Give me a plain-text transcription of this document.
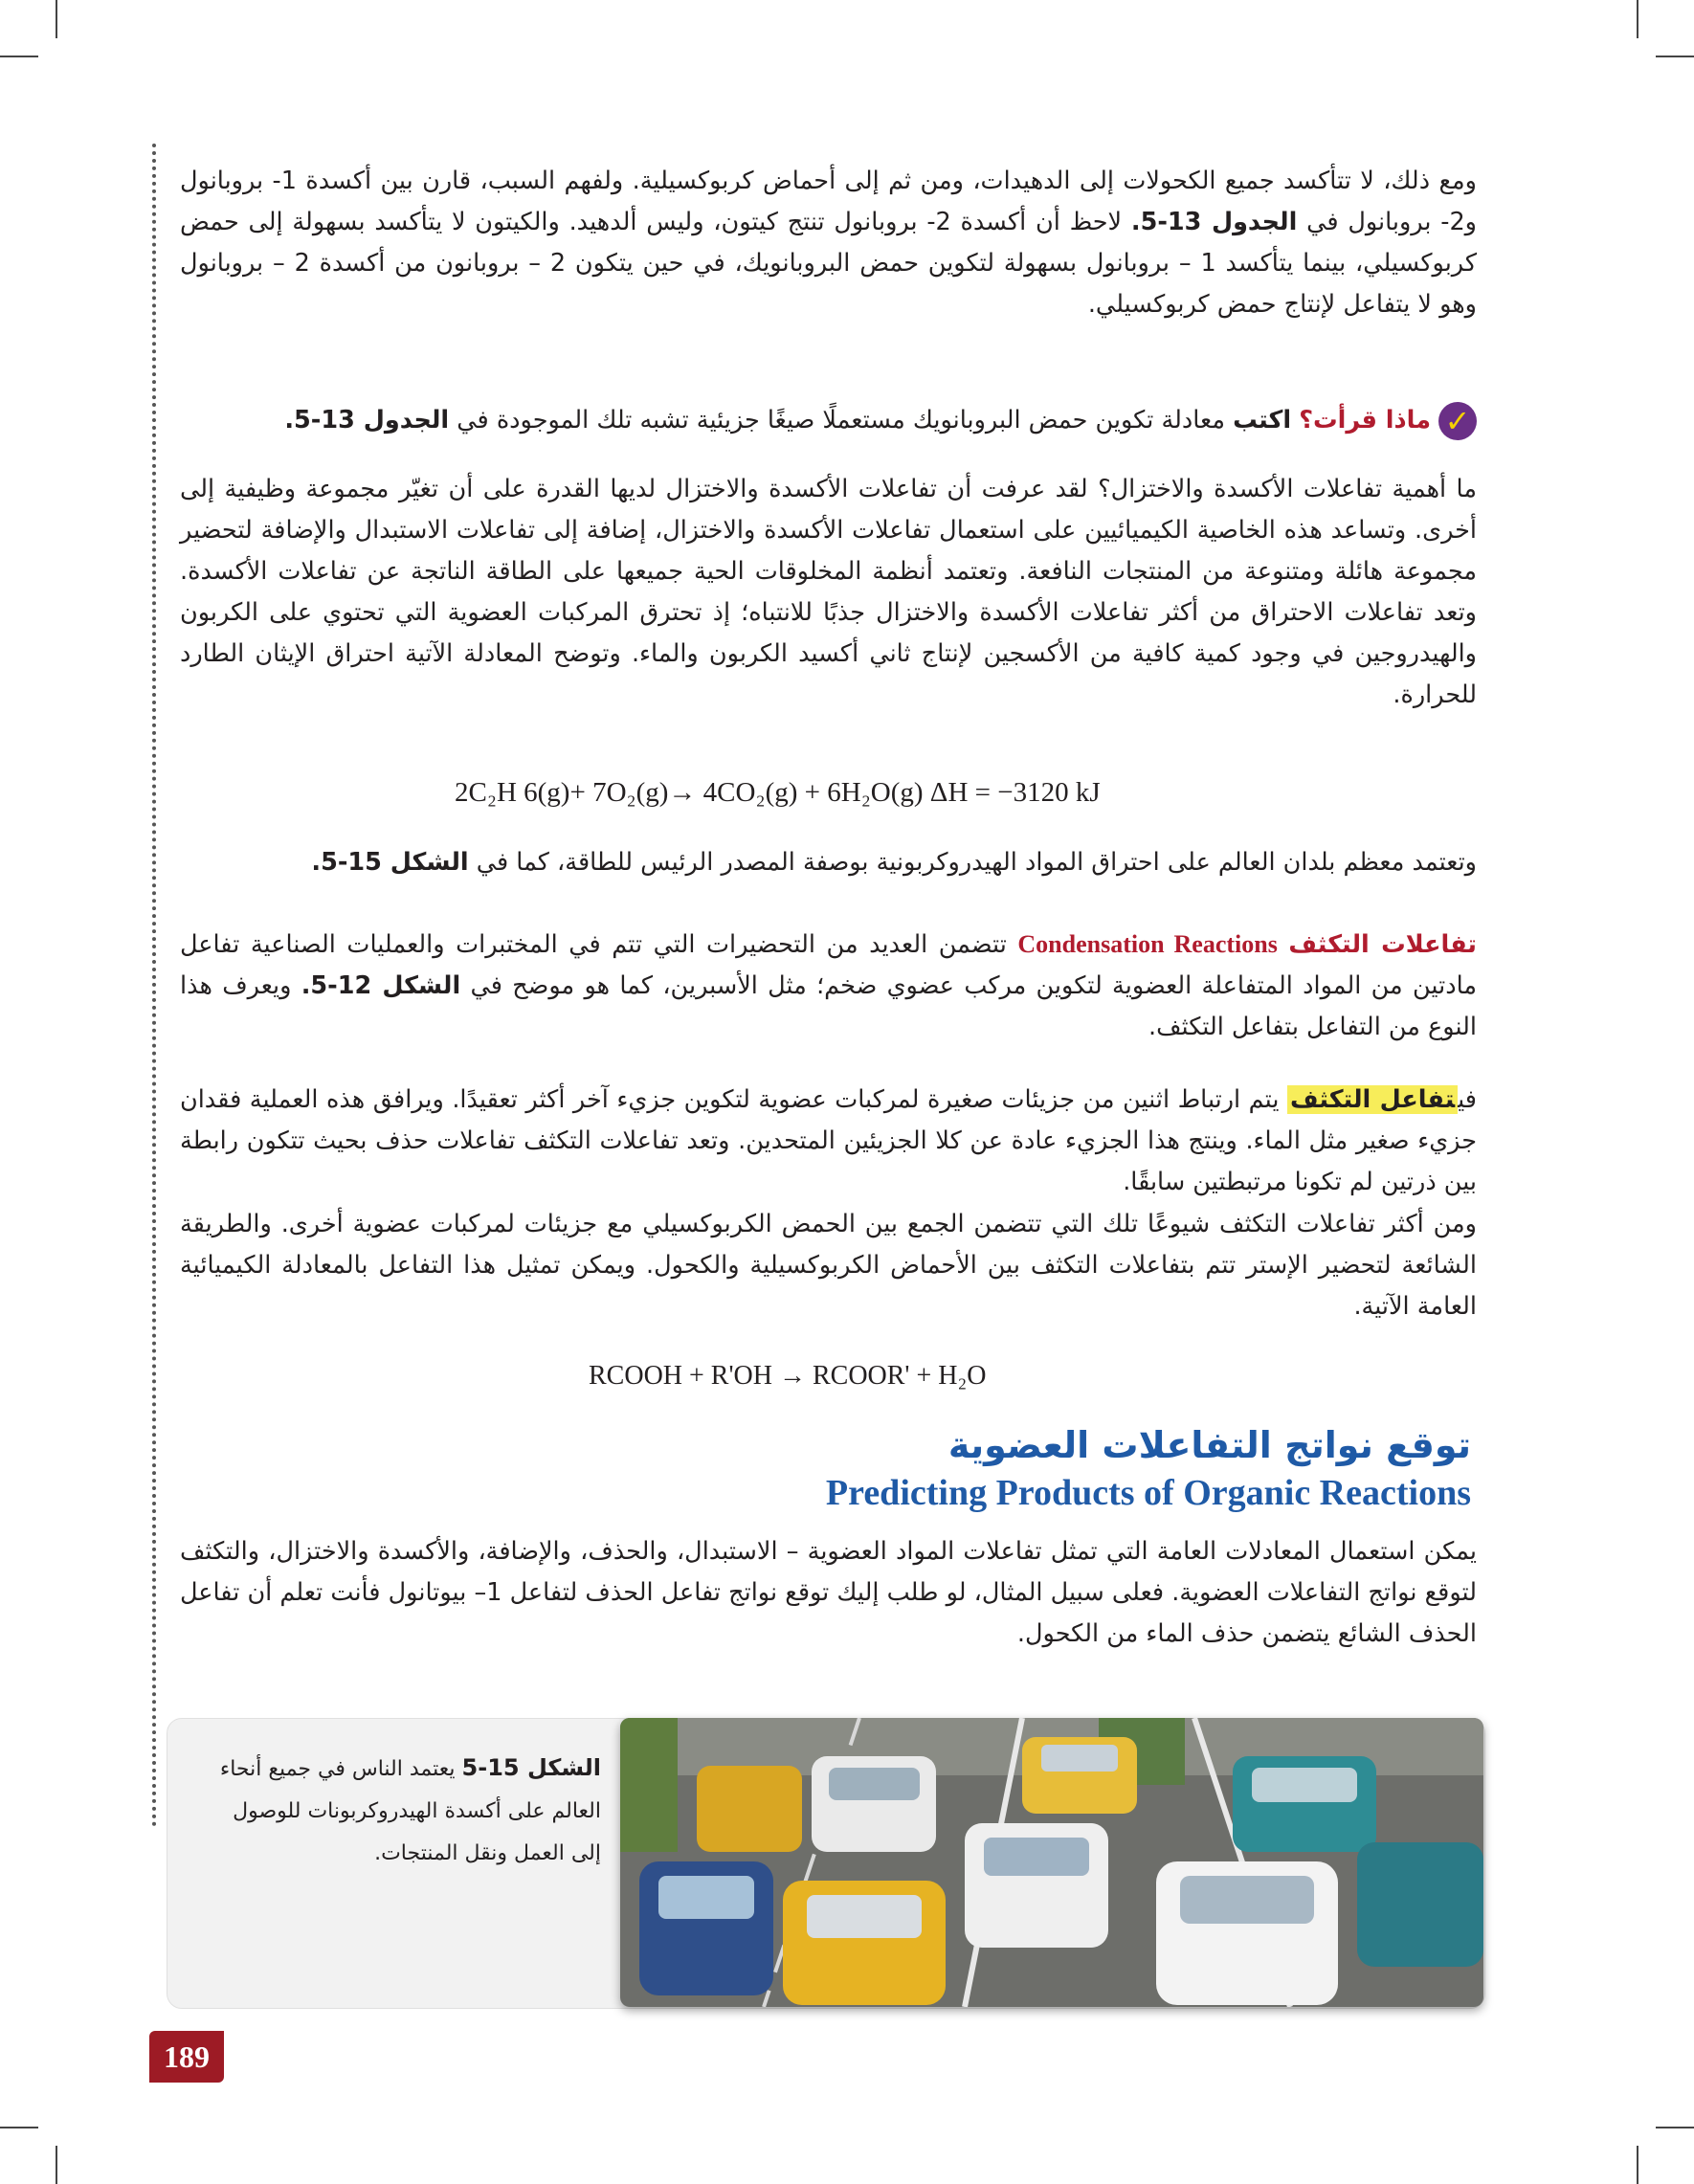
ومع ذلك، لا تتأكسد جميع الكحولات إلى الدهيدات، ومن ثم إلى أحماض كربوكسيلية. ولفهم السبب، قارن بين أكسدة 1- بروبانول و2- بروبانول في الجدول 13-5. لاحظ أن أكسدة 2- بروبانول تنتج كيتون، وليس ألدهيد. والكيتون لا يتأكسد بسهولة إلى حمض كربوكسيلي، بينما يتأكسد 1 – بروبانول بسهولة لتكوين حمض البروبانويك، في حين يتكون 2 – بروبانون من أكسدة 2 – بروبانول وهو لا يتفاعل لإنتاج حمض كربوكسيلي.

✓ماذا قرأت؟ اكتب معادلة تكوين حمض البروبانويك مستعملًا صيغًا جزيئية تشبه تلك الموجودة في الجدول 13-5.

ما أهمية تفاعلات الأكسدة والاختزال؟ لقد عرفت أن تفاعلات الأكسدة والاختزال لديها القدرة على أن تغيّر مجموعة وظيفية إلى أخرى. وتساعد هذه الخاصية الكيميائيين على استعمال تفاعلات الأكسدة والاختزال، إضافة إلى تفاعلات الاستبدال والإضافة لتحضير مجموعة هائلة ومتنوعة من المنتجات النافعة. وتعتمد أنظمة المخلوقات الحية جميعها على الطاقة الناتجة عن تفاعلات الأكسدة. وتعد تفاعلات الاحتراق من أكثر تفاعلات الأكسدة والاختزال جذبًا للانتباه؛ إذ تحترق المركبات العضوية التي تحتوي على الكربون والهيدروجين في وجود كمية كافية من الأكسجين لإنتاج ثاني أكسيد الكربون والماء. وتوضح المعادلة الآتية احتراق الإيثان الطارد للحرارة.

2C₂H 6(g)+ 7O₂(g)→ 4CO₂(g) + 6H₂O(g) ΔH = −3120 kJ

وتعتمد معظم بلدان العالم على احتراق المواد الهيدروكربونية بوصفة المصدر الرئيس للطاقة، كما في الشكل 15-5.

تفاعلات التكثف Condensation Reactions تتضمن العديد من التحضيرات التي تتم في المختبرات والعمليات الصناعية تفاعل مادتين من المواد المتفاعلة العضوية لتكوين مركب عضوي ضخم؛ مثل الأسبرين، كما هو موضح في الشكل 12-5. ويعرف هذا النوع من التفاعل بتفاعل التكثف.

فيتفاعل التكثف يتم ارتباط اثنين من جزيئات صغيرة لمركبات عضوية لتكوين جزيء آخر أكثر تعقيدًا. ويرافق هذه العملية فقدان جزيء صغير مثل الماء. وينتج هذا الجزيء عادة عن كلا الجزيئين المتحدين. وتعد تفاعلات التكثف تفاعلات حذف بحيث تتكون رابطة بين ذرتين لم تكونا مرتبطتين سابقًا.

ومن أكثر تفاعلات التكثف شيوعًا تلك التي تتضمن الجمع بين الحمض الكربوكسيلي مع جزيئات لمركبات عضوية أخرى. والطريقة الشائعة لتحضير الإستر تتم بتفاعلات التكثف بين الأحماض الكربوكسيلية والكحول. ويمكن تمثيل هذا التفاعل بالمعادلة الكيميائية العامة الآتية.

RCOOH + R'OH → RCOOR' + H₂O
توقع نواتج التفاعلات العضوية
Predicting Products of Organic Reactions

يمكن استعمال المعادلات العامة التي تمثل تفاعلات المواد العضوية – الاستبدال، والحذف، والإضافة، والأكسدة والاختزال، والتكثف لتوقع نواتج التفاعلات العضوية. فعلى سبيل المثال، لو طلب إليك توقع نواتج تفاعل الحذف لتفاعل 1– بيوتانول فأنت تعلم أن تفاعل الحذف الشائع يتضمن حذف الماء من الكحول.

الشكل 15-5 يعتمد الناس في جميع أنحاء العالم على أكسدة الهيدروكربونات للوصول إلى العمل ونقل المنتجات.
189
